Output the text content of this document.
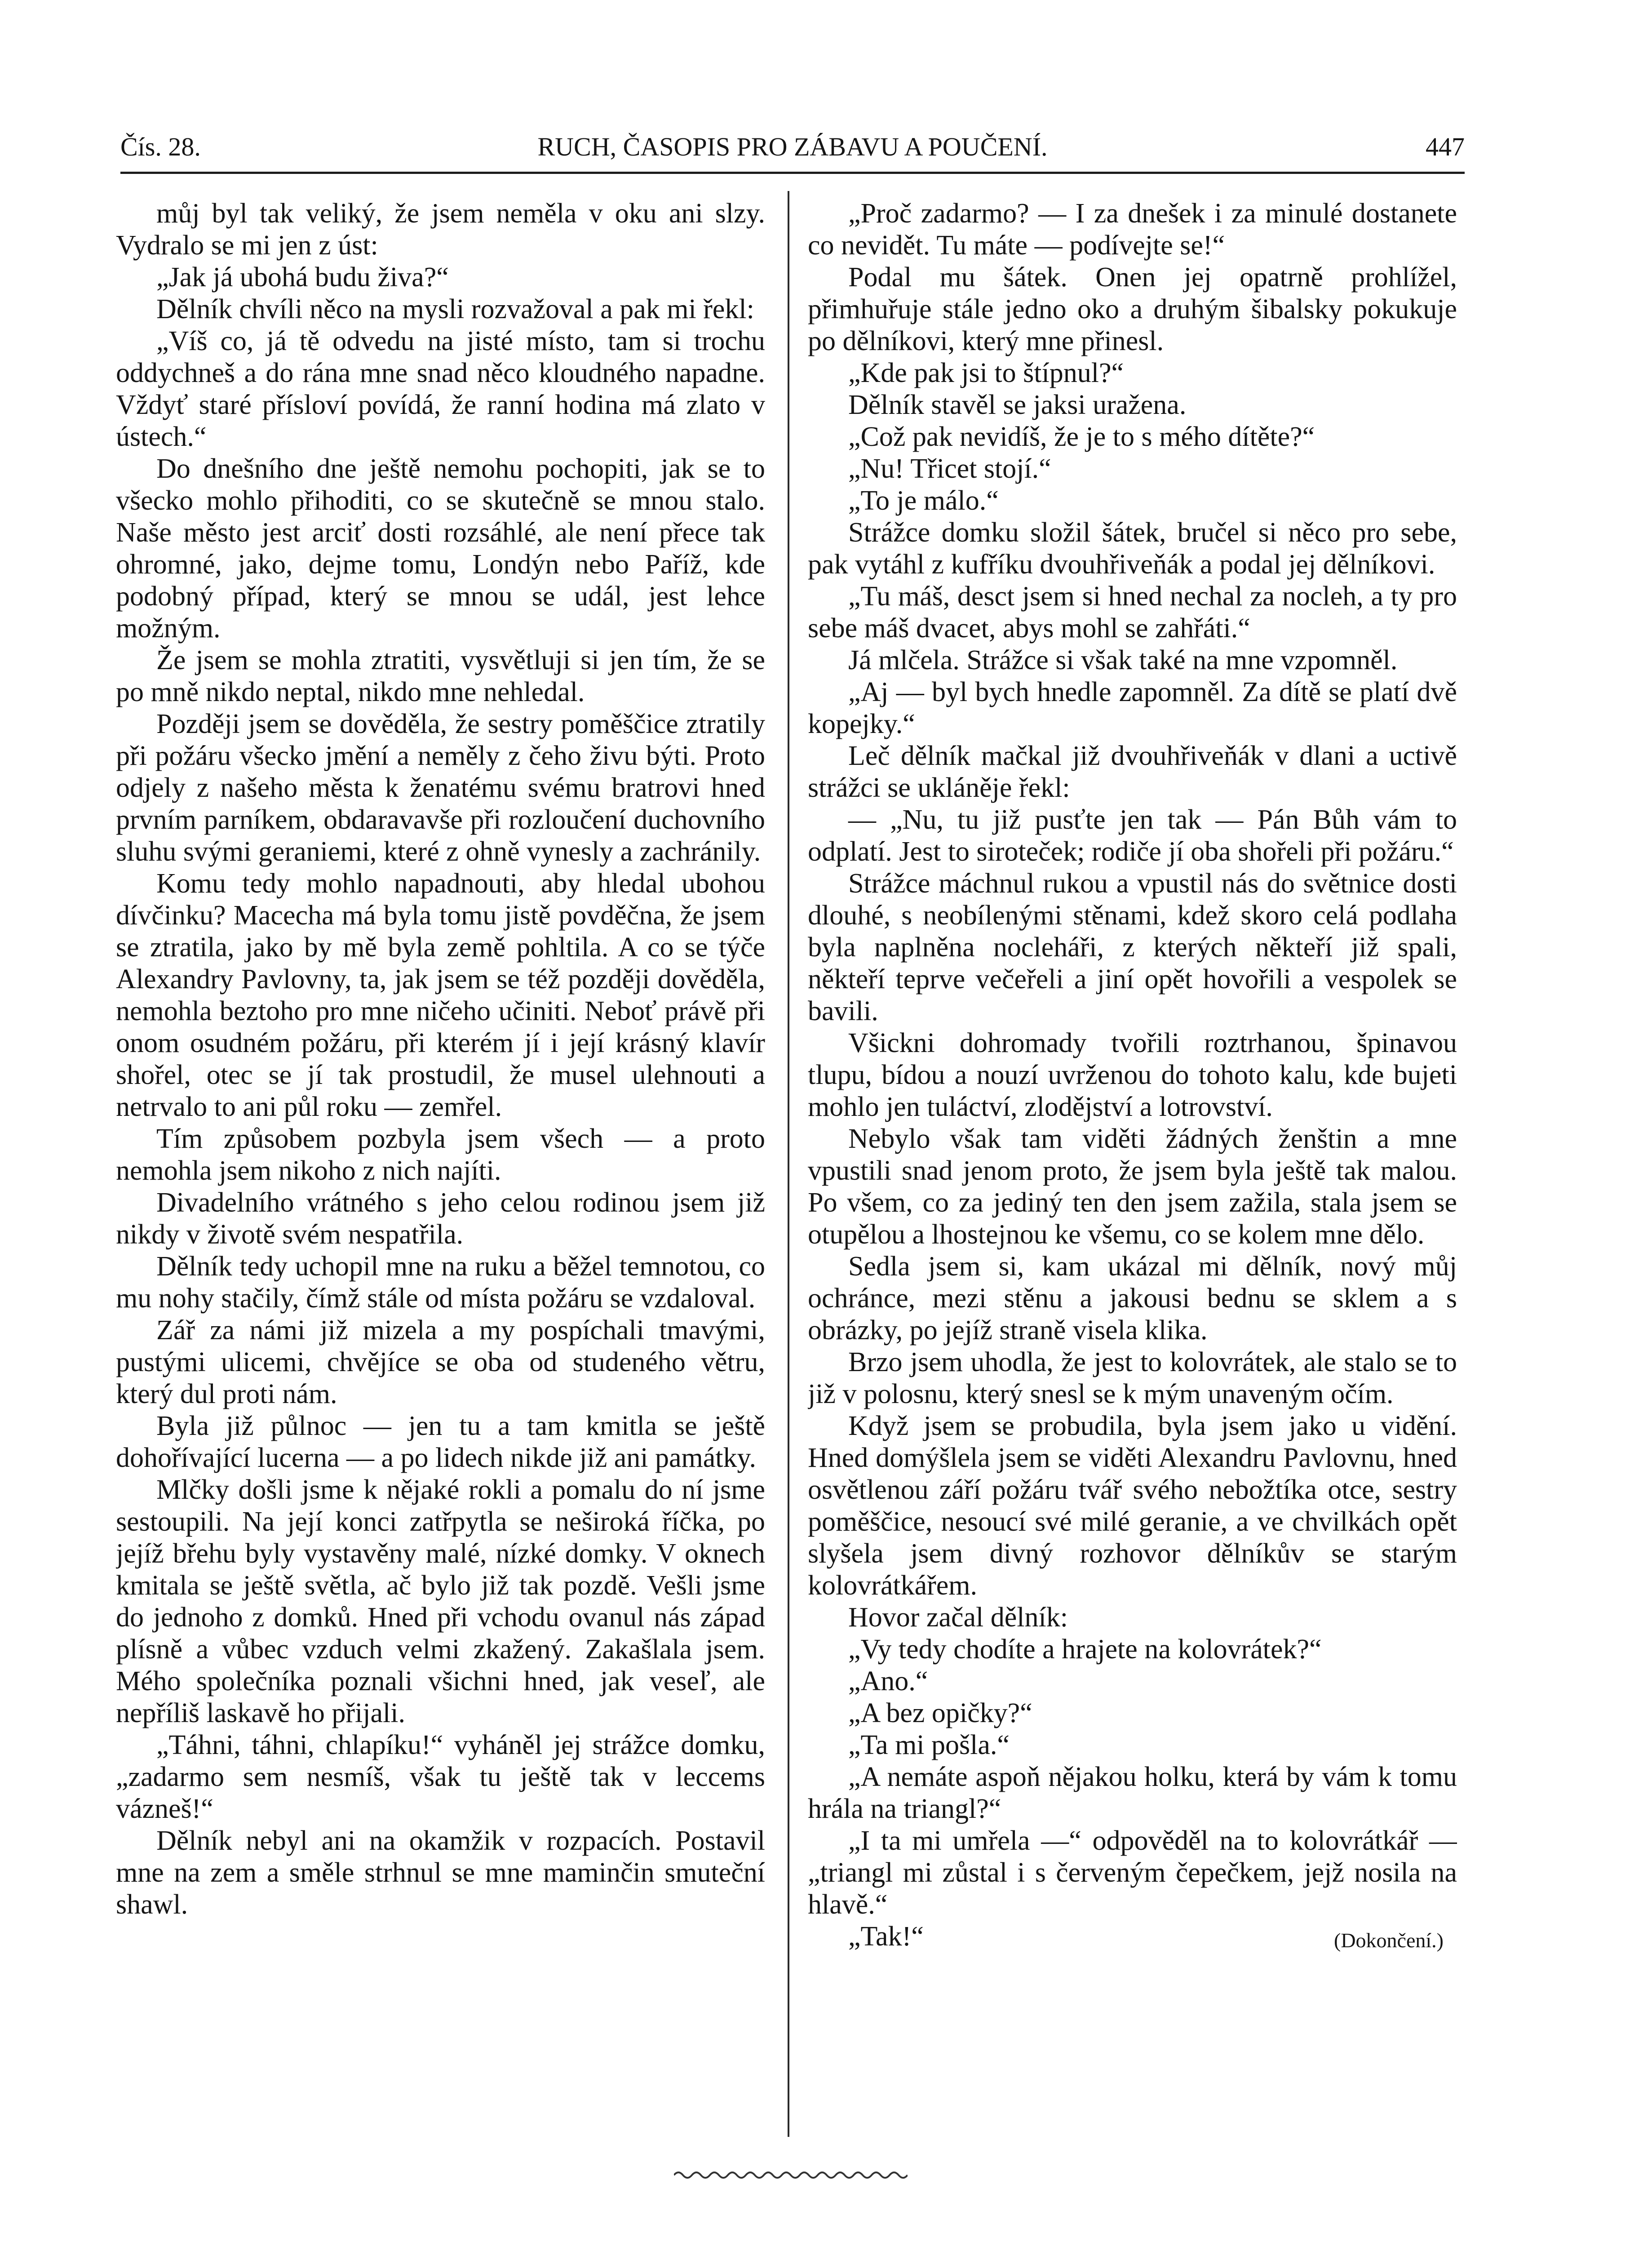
Čís. 28.	RUCH, ČASOPIS PRO ZÁBAVU A POUČENÍ.	447

můj byl tak veliký, že jsem neměla v oku ani slzy. Vydralo se mi jen z úst:

„Jak já ubohá budu živa?“

Dělník chvíli něco na mysli rozvažoval a pak mi řekl:

„Víš co, já tě odvedu na jisté místo, tam si trochu oddychneš a do rána mne snad něco kloudného napadne. Vždyť staré přísloví povídá, že ranní hodina má zlato v ústech.“

Do dnešního dne ještě nemohu pochopiti, jak se to všecko mohlo přihoditi, co se skutečně se mnou stalo. Naše město jest arciť dosti rozsáhlé, ale není přece tak ohromné, jako, dejme tomu, Londýn nebo Paříž, kde podobný případ, který se mnou se udál, jest lehce možným.

Že jsem se mohla ztratiti, vysvětluji si jen tím, že se po mně nikdo neptal, nikdo mne nehledal.

Později jsem se dověděla, že sestry poměščice ztratily při požáru všecko jmění a neměly z čeho živu býti. Proto odjely z našeho města k ženatému svému bratrovi hned prvním parníkem, obdaravavše při rozloučení duchovního sluhu svými geraniemi, které z ohně vynesly a zachránily.

Komu tedy mohlo napadnouti, aby hledal ubohou dívčinku? Macecha má byla tomu jistě povděčna, že jsem se ztratila, jako by mě byla země pohltila. A co se týče Alexandry Pavlovny, ta, jak jsem se též později dověděla, nemohla beztoho pro mne ničeho učiniti. Neboť právě při onom osudném požáru, při kterém jí i její krásný klavír shořel, otec se jí tak prostudil, že musel ulehnouti a netrvalo to ani půl roku — zemřel.

Tím způsobem pozbyla jsem všech — a proto nemohla jsem nikoho z nich najíti.

Divadelního vrátného s jeho celou rodinou jsem již nikdy v životě svém nespatřila.

Dělník tedy uchopil mne na ruku a běžel temnotou, co mu nohy stačily, čímž stále od místa požáru se vzdaloval.

Zář za námi již mizela a my pospíchali tmavými, pustými ulicemi, chvějíce se oba od studeného větru, který dul proti nám.

Byla již půlnoc — jen tu a tam kmitla se ještě dohořívající lucerna — a po lidech nikde již ani památky.

Mlčky došli jsme k nějaké rokli a pomalu do ní jsme sestoupili. Na její konci zatřpytla se neširoká říčka, po jejíž břehu byly vystavěny malé, nízké domky. V oknech kmitala se ještě světla, ač bylo již tak pozdě. Vešli jsme do jednoho z domků. Hned při vchodu ovanul nás západ plísně a vůbec vzduch velmi zkažený. Zakašlala jsem. Mého společníka poznali všichni hned, jak veseľ, ale nepříliš laskavě ho přijali.

„Táhni, táhni, chlapíku!“ vyháněl jej strážce domku, „zadarmo sem nesmíš, však tu ještě tak v leccems vázneš!“

Dělník nebyl ani na okamžik v rozpacích. Postavil mne na zem a směle strhnul se mne maminčin smuteční shawl.

„Proč zadarmo? — I za dnešek i za minulé dostanete co nevidět. Tu máte — podívejte se!“

Podal mu šátek. Onen jej opatrně prohlížel, přimhuřuje stále jedno oko a druhým šibalsky pokukuje po dělníkovi, který mne přinesl.

„Kde pak jsi to štípnul?“

Dělník stavěl se jaksi uražena.

„Což pak nevidíš, že je to s mého dítěte?“

„Nu! Třicet stojí.“

„To je málo.“

Strážce domku složil šátek, bručel si něco pro sebe, pak vytáhl z kufříku dvouhřiveňák a podal jej dělníkovi.

„Tu máš, desct jsem si hned nechal za nocleh, a ty pro sebe máš dvacet, abys mohl se zahřáti.“

Já mlčela. Strážce si však také na mne vzpomněl.

„Aj — byl bych hnedle zapomněl. Za dítě se platí dvě kopejky.“

Leč dělník mačkal již dvouhřiveňák v dlani a uctivě strážci se ukláněje řekl:

— „Nu, tu již pusťte jen tak — Pán Bůh vám to odplatí. Jest to siroteček; rodiče jí oba shořeli při požáru.“

Strážce máchnul rukou a vpustil nás do světnice dosti dlouhé, s neobílenými stěnami, kdež skoro celá podlaha byla naplněna nocleháři, z kterých někteří již spali, někteří teprve večeřeli a jiní opět hovořili a vespolek se bavili.

Všickni dohromady tvořili roztrhanou, špinavou tlupu, bídou a nouzí uvrženou do tohoto kalu, kde bujeti mohlo jen tuláctví, zlodějství a lotrovství.

Nebylo však tam viděti žádných ženštin a mne vpustili snad jenom proto, že jsem byla ještě tak malou. Po všem, co za jediný ten den jsem zažila, stala jsem se otupělou a lhostejnou ke všemu, co se kolem mne dělo.

Sedla jsem si, kam ukázal mi dělník, nový můj ochránce, mezi stěnu a jakousi bednu se sklem a s obrázky, po jejíž straně visela klika.

Brzo jsem uhodla, že jest to kolovrátek, ale stalo se to již v polosnu, který snesl se k mým unaveným očím.

Když jsem se probudila, byla jsem jako u vidění. Hned domýšlela jsem se viděti Alexandru Pavlovnu, hned osvětlenou září požáru tvář svého nebožtíka otce, sestry poměščice, nesoucí své milé geranie, a ve chvilkách opět slyšela jsem divný rozhovor dělníkův se starým kolovrátkářem.

Hovor začal dělník:

„Vy tedy chodíte a hrajete na kolovrátek?“

„Ano.“

„A bez opičky?“

„Ta mi pošla.“

„A nemáte aspoň nějakou holku, která by vám k tomu hrála na triangl?“

„I ta mi umřela —“ odpověděl na to kolovrátkář — „triangl mi zůstal i s červeným čepečkem, jejž nosila na hlavě.“

„Tak!“	(Dokončení.)
